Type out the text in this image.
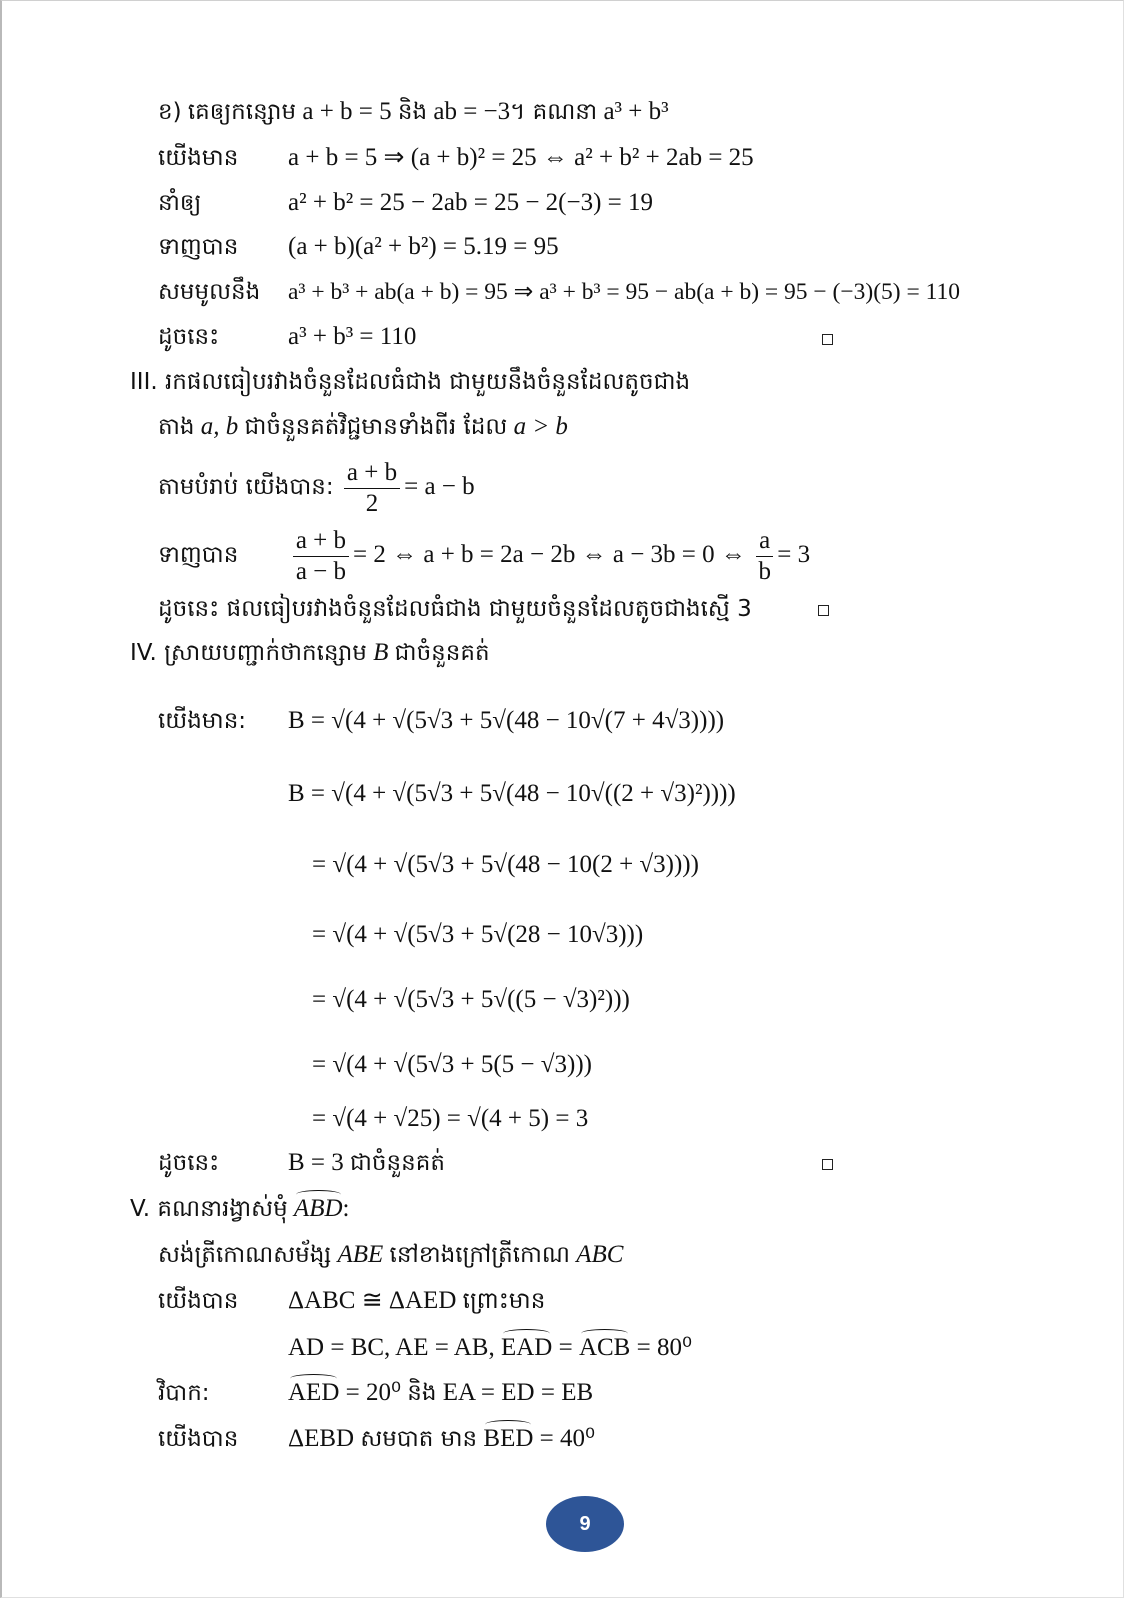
ខ) គេឲ្យកន្សោម a + b = 5 និង ab = −3។ គណនា a³ + b³
យើងមាន a + b = 5 ⇒ (a + b)² = 25 ⇔ a² + b² + 2ab = 25
នាំឲ្យ	a² + b² = 25 − 2ab = 25 − 2(−3) = 19
ទាញបាន (a + b)(a² + b²) = 5.19 = 95
សមមូលនឹង a³ + b³ + ab(a + b) = 95 ⇒ a³ + b³ = 95 − ab(a + b) = 95 − (−3)(5) = 110
ដូចនេះ	a³ + b³ = 110
III. រកផលធៀបរវាងចំនួនដែលធំជាង ជាមួយនឹងចំនួនដែលតូចជាង
តាង a, b ជាចំនួនគត់វិជ្ជមានទាំងពីរ ដែល a > b
តាមបំរាប់ យើងបាន: $\frac{a + b}{2} = a - b$
ទាញបាន $\frac{a + b}{a - b} = 2$ ⇔ a + b = 2a − 2b ⇔ a − 3b = 0 ⇔ $\frac{a}{b} = 3$
ដូចនេះ ផលធៀបរវាងចំនួនដែលធំជាង ជាមួយចំនួនដែលតូចជាងស្មើ 3
IV. ស្រាយបញ្ជាក់ថាកន្សោម B ជាចំនួនគត់
យើងមាន: B = √(4 + √(5√3 + 5√(48 − 10√(7 + 4√3))))
B = √(4 + √(5√3 + 5√(48 − 10√((2 + √3)²))))
= √(4 + √(5√3 + 5√(48 − 10(2 + √3))))
= √(4 + √(5√3 + 5√(28 − 10√3)))
= √(4 + √(5√3 + 5√((5 − √3)²)))
= √(4 + √(5√3 + 5(5 − √3)))
= √(4 + √25) = √(4 + 5) = 3
ដូចនេះ	B = 3 ជាចំនួនគត់
V. គណនារង្វាស់មុំ ABD:
សង់ត្រីកោណសម័ង្ស ABE នៅខាងក្រៅត្រីកោណ ABC
យើងបាន ΔABC ≅ ΔAED ព្រោះមាន
AD = BC, AE = AB, EAD = ACB = 80⁰
វិបាក:	AED = 20⁰ និង EA = ED = EB
យើងបាន ΔEBD សមបាត មាន BED = 40⁰
9
